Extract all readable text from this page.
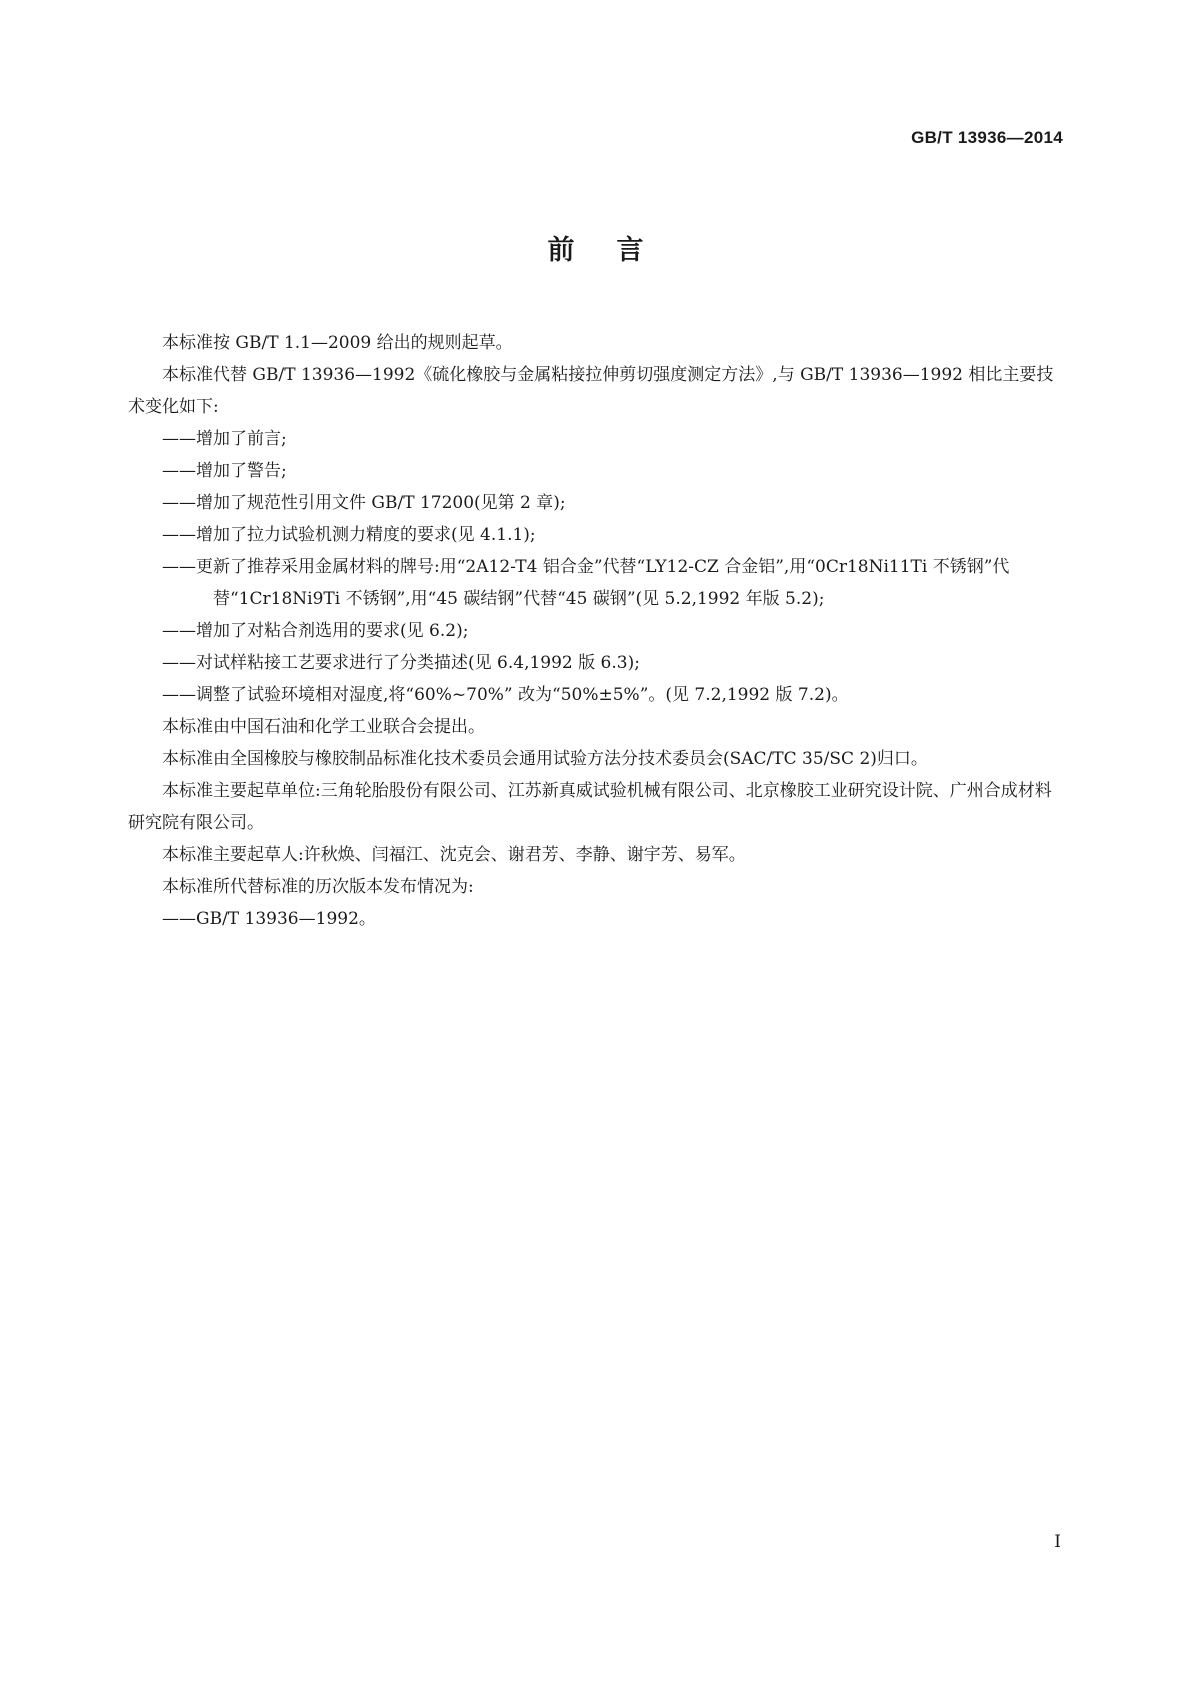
GB/T 13936—2014
前言

本标准按 GB/T 1.1—2009 给出的规则起草。

本标准代替 GB/T 13936—1992《硫化橡胶与金属粘接拉伸剪切强度测定方法》,与 GB/T 13936—1992 相比主要技术变化如下:

——增加了前言;

——增加了警告;

——增加了规范性引用文件 GB/T 17200(见第 2 章);

——增加了拉力试验机测力精度的要求(见 4.1.1);

——更新了推荐采用金属材料的牌号:用“2A12-T4 铝合金”代替“LY12-CZ 合金铝”,用“0Cr18Ni11Ti 不锈钢”代替“1Cr18Ni9Ti 不锈钢”,用“45 碳结钢”代替“45 碳钢”(见 5.2,1992 年版 5.2);

——增加了对粘合剂选用的要求(见 6.2);

——对试样粘接工艺要求进行了分类描述(见 6.4,1992 版 6.3);

——调整了试验环境相对湿度,将“60%~70%” 改为“50%±5%”。(见 7.2,1992 版 7.2)。

本标准由中国石油和化学工业联合会提出。

本标准由全国橡胶与橡胶制品标准化技术委员会通用试验方法分技术委员会(SAC/TC 35/SC 2)归口。

本标准主要起草单位:三角轮胎股份有限公司、江苏新真威试验机械有限公司、北京橡胶工业研究设计院、广州合成材料研究院有限公司。

本标准主要起草人:许秋焕、闫福江、沈克会、谢君芳、李静、谢宇芳、易军。

本标准所代替标准的历次版本发布情况为:

——GB/T 13936—1992。

I
